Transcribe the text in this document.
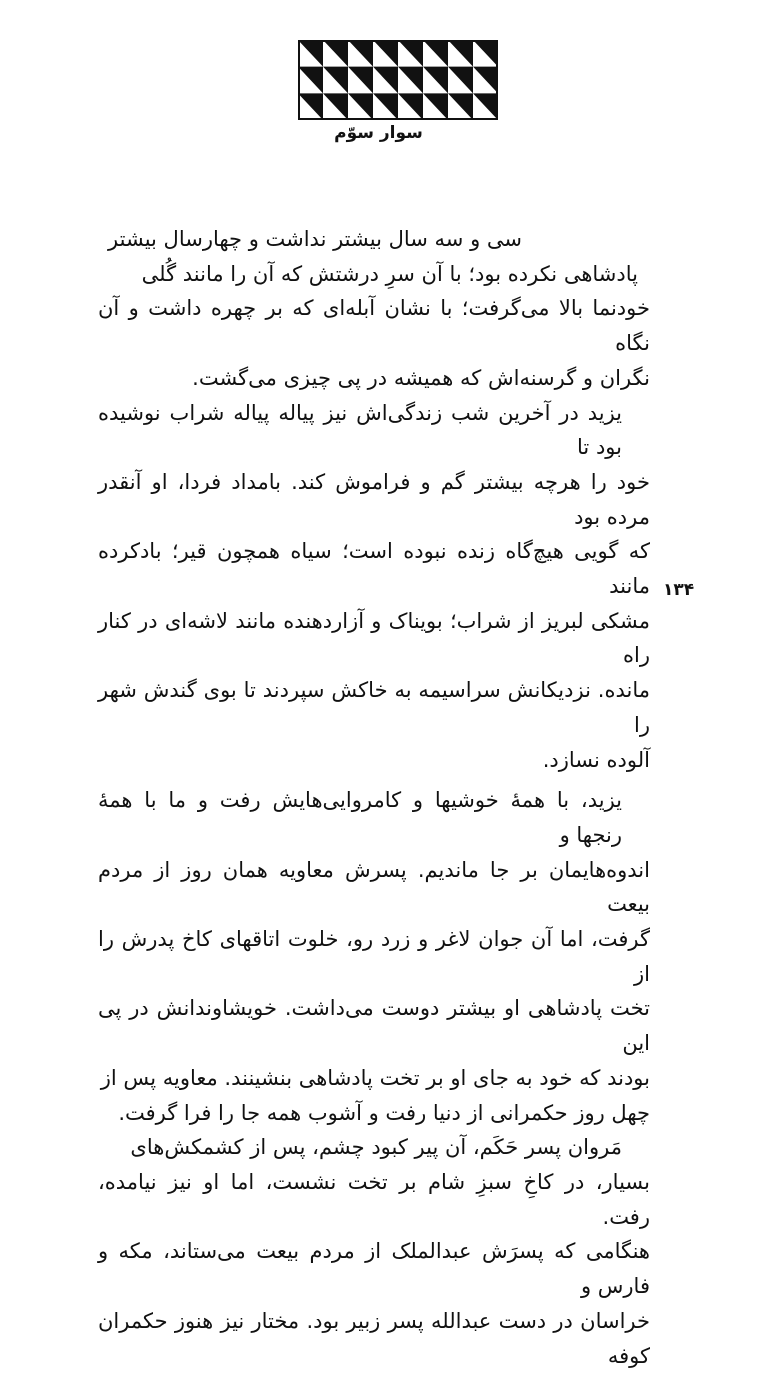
سوار سوّم
۱۳۴

سی و سه سال بیشتر نداشت و چهارسال بیشتر
پادشاهی نکرده بود؛ با آن سرِ درشتش که آن را مانند گُلی
خودنما بالا می‌گرفت؛ با نشان آبله‌ای که بر چهره داشت و آن نگاه
نگران و گرسنه‌اش که همیشه در پی چیزی می‌گشت.

یزید در آخرین شب زندگی‌اش نیز پیاله پیاله شراب نوشیده بود تا
خود را هرچه بیشتر گم و فراموش کند. بامداد فردا، او آنقدر مرده بود
که گویی هیچ‌گاه زنده نبوده است؛ سیاه همچون قیر؛ بادکرده مانند
مشکی لبریز از شراب؛ بویناک و آزاردهنده مانند لاشه‌ای در کنار راه
مانده. نزدیکانش سراسیمه به خاکش سپردند تا بوی گندش شهر را
آلوده نسازد.

یزید، با همهٔ خوشیها و کامروایی‌هایش رفت و ما با همهٔ رنجها و
اندوه‌هایمان بر جا ماندیم. پسرش معاویه همان روز از مردم بیعت
گرفت، اما آن جوان لاغر و زرد رو، خلوت اتاقهای کاخ پدرش را از
تخت پادشاهی او بیشتر دوست می‌داشت. خویشاوندانش در پی این
بودند که خود به جای او بر تخت پادشاهی بنشینند. معاویه پس از
چهل روز حکمرانی از دنیا رفت و آشوب همه جا را فرا گرفت.

مَروان پسر حَکَم، آن پیر کبود چشم، پس از کشمکش‌های
بسیار، در کاخِ سبزِ شام بر تخت نشست، اما او نیز نیامده، رفت.
هنگامی که پسرَش عبدالملک از مردم بیعت می‌ستاند، مکه و فارس و
خراسان در دست عبدالله پسر زبیر بود. مختار نیز هنوز حکمران کوفه
